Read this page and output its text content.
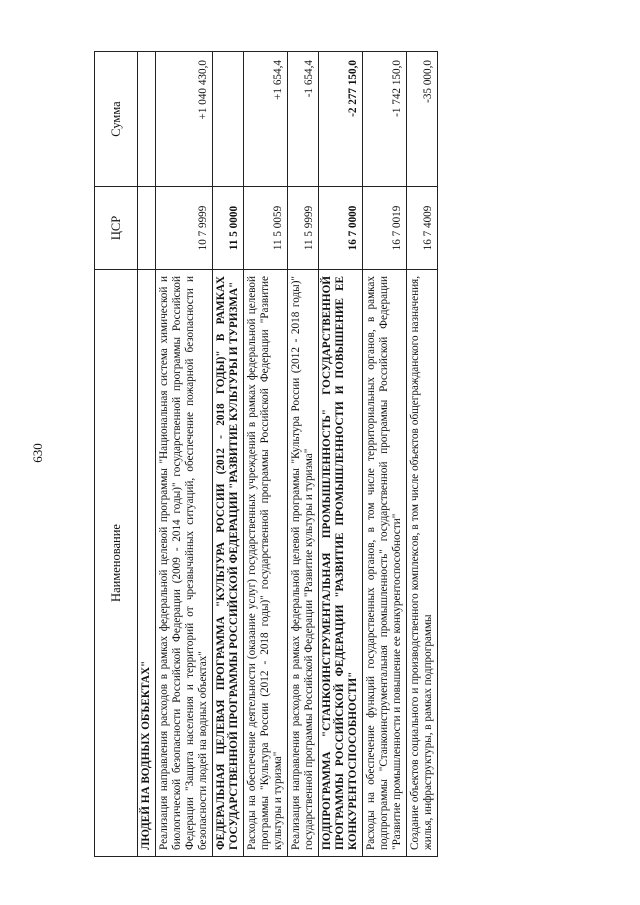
630
Наименование	ЦСР	Сумма
ЛЮДЕЙ НА ВОДНЫХ ОБЪЕКТАХ"		
Реализация направления расходов в рамках федеральной целевой программы "Национальная система химической и биологической безопасности Российской Федерации (2009 - 2014 годы)" государственной программы Российской Федерации "Защита населения и территорий от чрезвычайных ситуаций, обеспечение пожарной безопасности и безопасности людей на водных объектах"	10 7 9999	+1 040 430,0
ФЕДЕРАЛЬНАЯ ЦЕЛЕВАЯ ПРОГРАММА "КУЛЬТУРА РОССИИ (2012 - 2018 ГОДЫ)" В РАМКАХ ГОСУДАРСТВЕННОЙ ПРОГРАММЫ РОССИЙСКОЙ ФЕДЕРАЦИИ "РАЗВИТИЕ КУЛЬТУРЫ И ТУРИЗМА"	11 5 0000	
Расходы на обеспечение деятельности (оказание услуг) государственных учреждений в рамках федеральной целевой программы "Культура России (2012 - 2018 годы)" государственной программы Российской Федерации "Развитие культуры и туризма"	11 5 0059	+1 654,4
Реализация направления расходов в рамках федеральной целевой программы "Культура России (2012 - 2018 годы)" государственной программы Российской Федерации "Развитие культуры и туризма"	11 5 9999	-1 654,4
ПОДПРОГРАММА "СТАНКОИНСТРУМЕНТАЛЬНАЯ ПРОМЫШЛЕННОСТЬ" ГОСУДАРСТВЕННОЙ ПРОГРАММЫ РОССИЙСКОЙ ФЕДЕРАЦИИ "РАЗВИТИЕ ПРОМЫШЛЕННОСТИ И ПОВЫШЕНИЕ ЕЕ КОНКУРЕНТОСПОСОБНОСТИ"	16 7 0000	-2 277 150,0
Расходы на обеспечение функций государственных органов, в том числе территориальных органов, в рамках подпрограммы "Станкоинструментальная промышленность" государственной программы Российской Федерации "Развитие промышленности и повышение ее конкурентоспособности"	16 7 0019	-1 742 150,0
Создание объектов социального и производственного комплексов, в том числе объектов общегражданского назначения, жилья, инфраструктуры, в рамках подпрограммы	16 7 4009	-35 000,0
